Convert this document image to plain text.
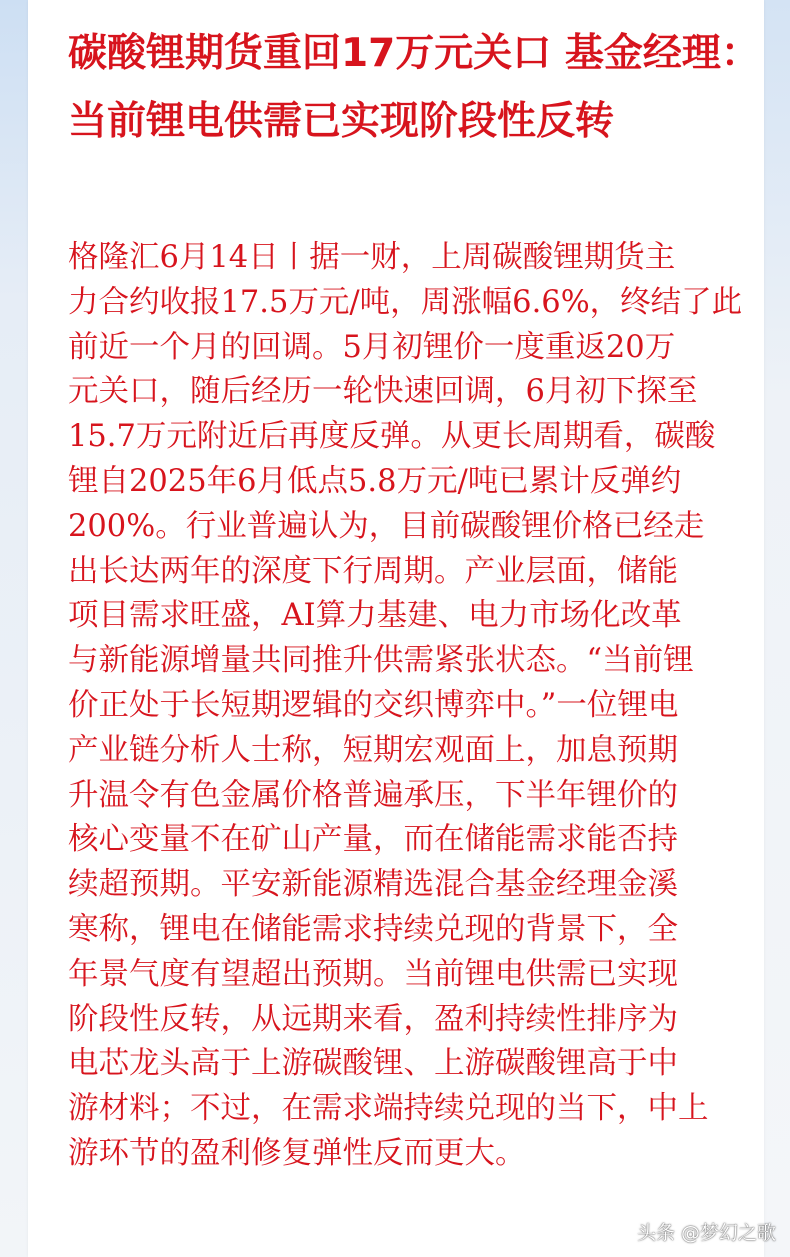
碳酸锂期货重回17万元关口 基金经理：当前锂电供需已实现阶段性反转
格隆汇6月14日丨据一财，上周碳酸锂期货主
力合约收报17.5万元/吨，周涨幅6.6%，终结了此
前近一个月的回调。5月初锂价一度重返20万
元关口，随后经历一轮快速回调，6月初下探至
15.7万元附近后再度反弹。从更长周期看，碳酸
锂自2025年6月低点5.8万元/吨已累计反弹约
200%。行业普遍认为，目前碳酸锂价格已经走
出长达两年的深度下行周期。产业层面，储能
项目需求旺盛，AI算力基建、电力市场化改革
与新能源增量共同推升供需紧张状态。“当前锂
价正处于长短期逻辑的交织博弈中。”一位锂电
产业链分析人士称，短期宏观面上，加息预期
升温令有色金属价格普遍承压，下半年锂价的
核心变量不在矿山产量，而在储能需求能否持
续超预期。平安新能源精选混合基金经理金溪
寒称，锂电在储能需求持续兑现的背景下，全
年景气度有望超出预期。当前锂电供需已实现
阶段性反转，从远期来看，盈利持续性排序为
电芯龙头高于上游碳酸锂、上游碳酸锂高于中
游材料；不过，在需求端持续兑现的当下，中上
游环节的盈利修复弹性反而更大。
头条 @梦幻之歌
